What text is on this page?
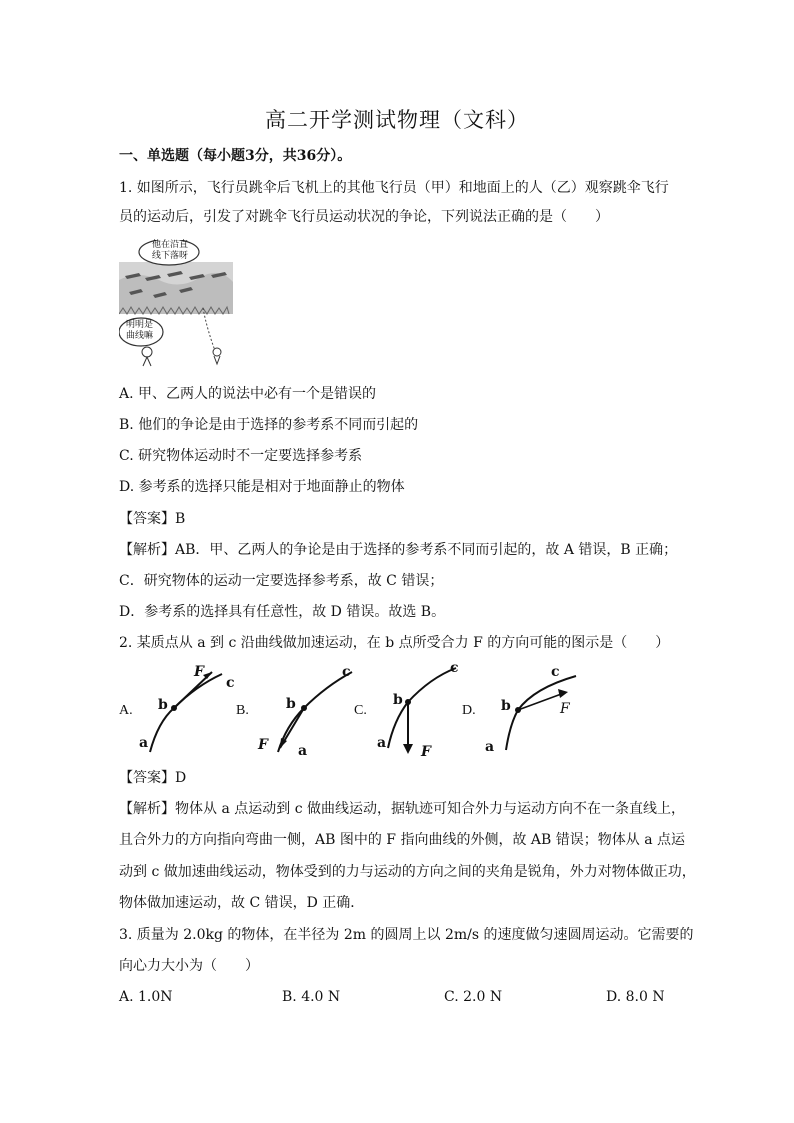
高二开学测试物理（文科）
一、单选题（每小题3分，共36分）。
1. 如图所示，飞行员跳伞后飞机上的其他飞行员（甲）和地面上的人（乙）观察跳伞飞行
员的运动后，引发了对跳伞飞行员运动状况的争论，下列说法正确的是（　　）
他在沿直
线下落呀
明明是
曲线嘛
A. 甲、乙两人的说法中必有一个是错误的
B. 他们的争论是由于选择的参考系不同而引起的
C. 研究物体运动时不一定要选择参考系
D. 参考系的选择只能是相对于地面静止的物体
【答案】B
【解析】AB．甲、乙两人的争论是由于选择的参考系不同而引起的，故 A 错误，B 正确；
C．研究物体的运动一定要选择参考系，故 C 错误；
D．参考系的选择具有任意性，故 D 错误。故选 B。
2. 某质点从 a 到 c 沿曲线做加速运动，在 b 点所受合力 F 的方向可能的图示是（　　）
A.
a
b
c
F
B.
a
b
c
F
C.
a
b
c
F
D.
a
b
c
F
【答案】D
【解析】物体从 a 点运动到 c 做曲线运动，据轨迹可知合外力与运动方向不在一条直线上，
且合外力的方向指向弯曲一侧，AB 图中的 F 指向曲线的外侧，故 AB 错误；物体从 a 点运
动到 c 做加速曲线运动，物体受到的力与运动的方向之间的夹角是锐角，外力对物体做正功，
物体做加速运动，故 C 错误，D 正确．
3. 质量为 2.0kg 的物体，在半径为 2m 的圆周上以 2m/s 的速度做匀速圆周运动。它需要的
向心力大小为（　　）
A. 1.0N	B. 4.0 N	C. 2.0 N	D. 8.0 N
